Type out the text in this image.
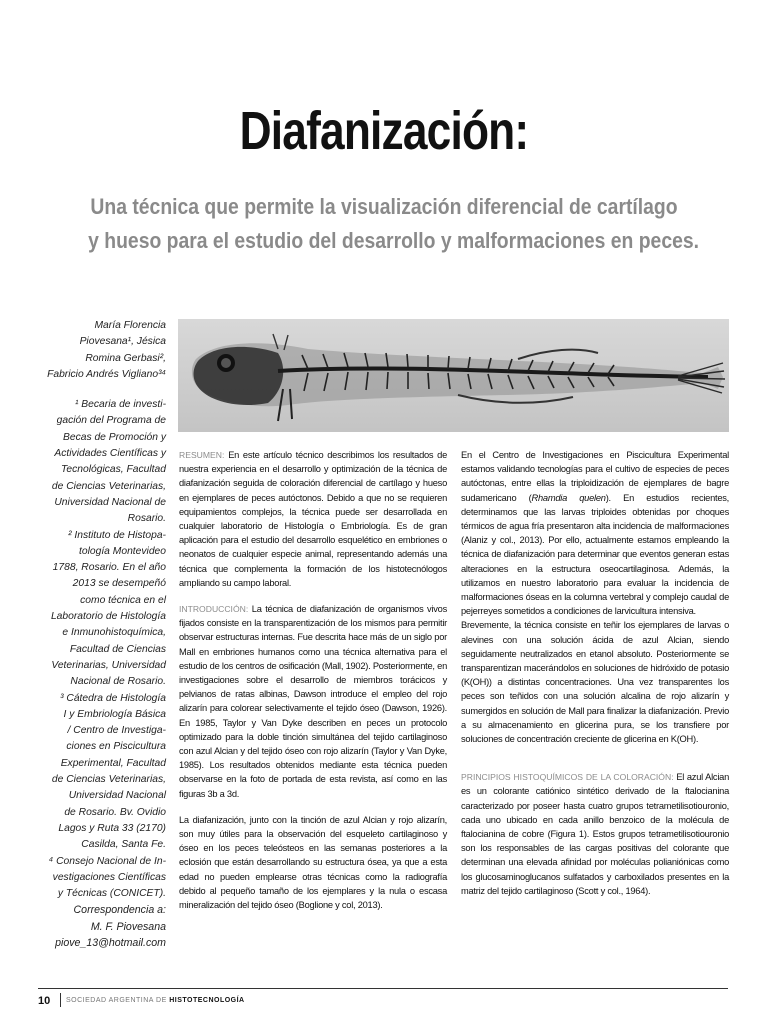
Diafanización:
Una técnica que permite la visualización diferencial de cartílago
y hueso para el estudio del desarrollo y malformaciones en peces.

María Florencia
Piovesana¹, Jésica
Romina Gerbasi²,
Fabricio Andrés Vigliano³⁴

¹ Becaria de investi-
gación del Programa de
Becas de Promoción y
Actividades Científicas y
Tecnológicas, Facultad
de Ciencias Veterinarias,
Universidad Nacional de
Rosario.

² Instituto de Histopa-
tología Montevideo
1788, Rosario. En el año
2013 se desempeñó
como técnica en el
Laboratorio de Histología
e Inmunohistoquímica,
Facultad de Ciencias
Veterinarias, Universidad
Nacional de Rosario.

³ Cátedra de Histología
I y Embriología Básica
/ Centro de Investiga-
ciones en Piscicultura
Experimental, Facultad
de Ciencias Veterinarias,
Universidad Nacional
de Rosario. Bv. Ovidio
Lagos y Ruta 33 (2170)
Casilda, Santa Fe.

⁴ Consejo Nacional de In-
vestigaciones Científicas
y Técnicas (CONICET).

Correspondencia a:
M. F. Piovesana
piove_13@hotmail.com

RESUMEN: En este artículo técnico describimos los resultados de nuestra experiencia en el desarrollo y optimización de la técnica de diafanización seguida de coloración diferencial de cartílago y hueso en ejemplares de peces autóctonos. Debido a que no se requieren equipamientos complejos, la técnica puede ser desarrollada en cualquier laboratorio de Histología o Embriología. Es de gran aplicación para el estudio del desarrollo esquelético en embriones o neonatos de cualquier especie animal, representando además una técnica que complementa la formación de los histotecnólogos ampliando su campo laboral.

INTRODUCCIÓN: La técnica de diafanización de organismos vivos fijados consiste en la transparentización de los mismos para permitir observar estructuras internas. Fue descrita hace más de un siglo por Mall en embriones humanos como una técnica alternativa para el estudio de los centros de osificación (Mall, 1902). Posteriormente, en investigaciones sobre el desarrollo de miembros torácicos y pelvianos de ratas albinas, Dawson introduce el empleo del rojo alizarín para colorear selectivamente el tejido óseo (Dawson, 1926). En 1985, Taylor y Van Dyke describen en peces un protocolo optimizado para la doble tinción simultánea del tejido cartilaginoso con azul Alcian y del tejido óseo con rojo alizarín (Taylor y Van Dyke, 1985). Los resultados obtenidos mediante esta técnica pueden observarse en la foto de portada de esta revista, así como en las figuras 3b a 3d.

La diafanización, junto con la tinción de azul Alcian y rojo alizarín, son muy útiles para la observación del esqueleto cartilaginoso y óseo en los peces teleósteos en las semanas posteriores a la eclosión que están desarrollando su estructura ósea, ya que a esta edad no pueden emplearse otras técnicas como la radiografía debido al pequeño tamaño de los ejemplares y la nula o escasa mineralización del tejido óseo (Boglione y col, 2013).

En el Centro de Investigaciones en Piscicultura Experimental estamos validando tecnologías para el cultivo de especies de peces autóctonas, entre ellas la triploidización de ejemplares de bagre sudamericano (Rhamdia quelen). En estudios recientes, determinamos que las larvas triploides obtenidas por choques térmicos de agua fría presentaron alta incidencia de malformaciones (Alaniz y col., 2013). Por ello, actualmente estamos empleando la técnica de diafanización para determinar que eventos generan estas alteraciones en la estructura oseocartilaginosa. Además, la utilizamos en nuestro laboratorio para evaluar la incidencia de malformaciones óseas en la columna vertebral y complejo caudal de pejerreyes sometidos a condiciones de larvicultura intensiva.

Brevemente, la técnica consiste en teñir los ejemplares de larvas o alevines con una solución ácida de azul Alcian, siendo seguidamente neutralizados en etanol absoluto. Posteriormente se transparentizan macerándolos en soluciones de hidróxido de potasio (K(OH)) a distintas concentraciones. Una vez transparentes los peces son teñidos con una solución alcalina de rojo alizarín y sumergidos en solución de Mall para finalizar la diafanización. Previo a su almacenamiento en glicerina pura, se los transfiere por soluciones de concentración creciente de glicerina en K(OH).

PRINCIPIOS HISTOQUÍMICOS DE LA COLORACIÓN: El azul Alcian es un colorante catiónico sintético derivado de la ftalocianina caracterizado por poseer hasta cuatro grupos tetrametilisotiouronio, cada uno ubicado en cada anillo benzoico de la molécula de ftalocianina de cobre (Figura 1). Estos grupos tetrametilisotiouronio son los responsables de las cargas positivas del colorante que determinan una elevada afinidad por moléculas polianiónicas como los glucosaminoglucanos sulfatados y carboxilados presentes en la matriz del tejido cartilaginoso (Scott y col., 1964).

10 SOCIEDAD ARGENTINA DE HISTOTECNOLOGÍA
